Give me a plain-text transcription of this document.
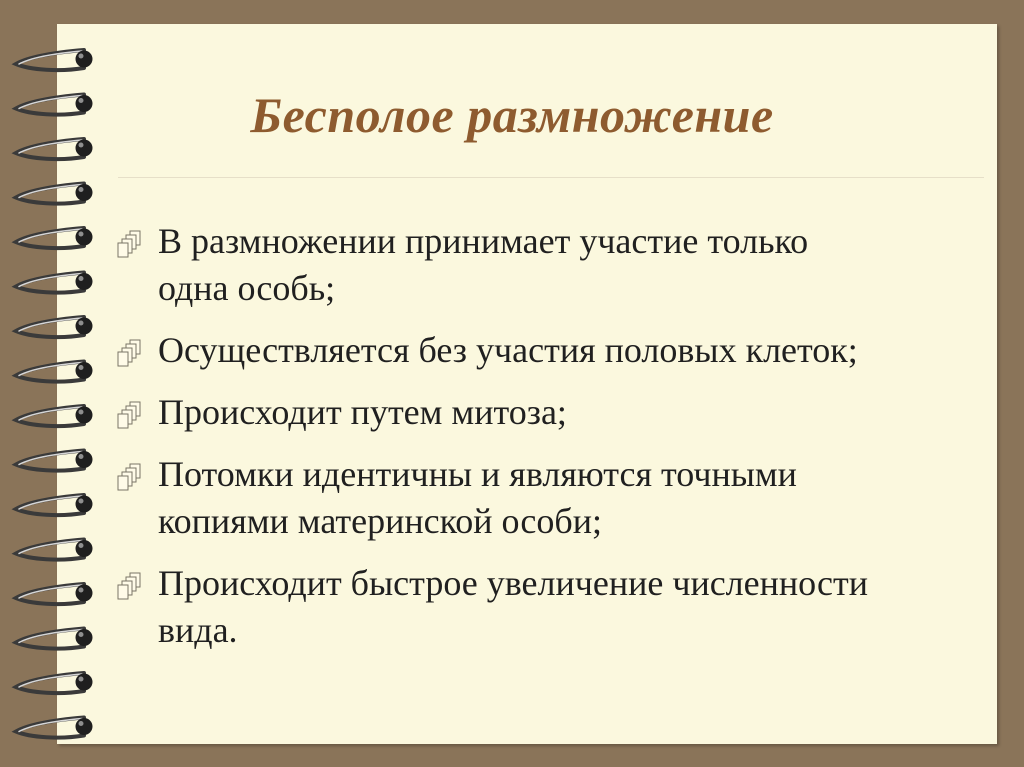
Бесполое размножение
В размножении принимает участие только
одна особь;
Осуществляется без участия половых клеток;
Происходит путем митоза;
Потомки идентичны и являются точными
копиями материнской особи;
Происходит быстрое увеличение численности
вида.
